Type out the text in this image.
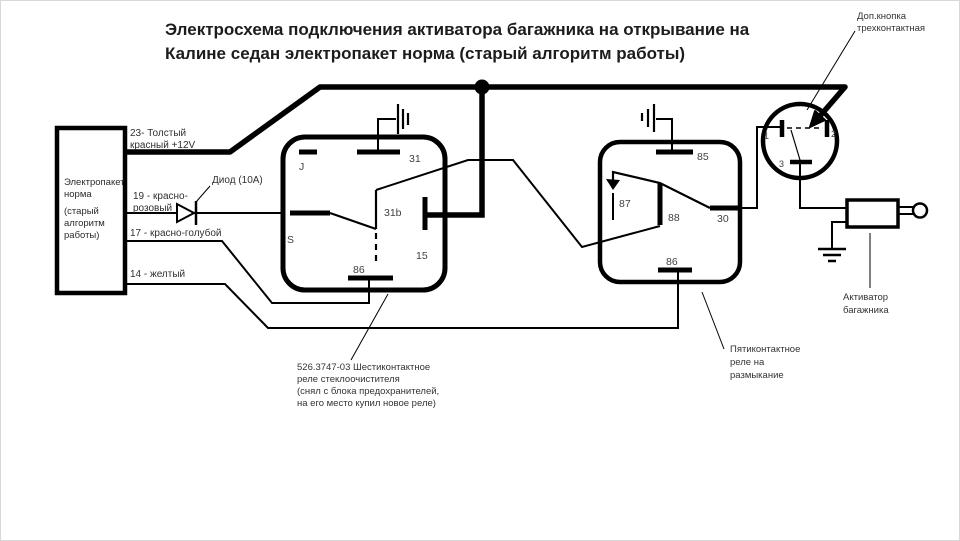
Электросхема подключения активатора багажника на открывание на
Калине седан электропакет норма (старый алгоритм работы)
Электропакет
норма
(старый
алгоритм
работы)
23- Толстый
красный +12V
Диод (10A)
19 - красно-
розовый
17 - красно-голубой
14 - желтый
J
31
31b
S
15
86
85
87
88	30
86
1	2
3
Доп.кнопка
трехконтактная
Активатор
багажника
526.3747-03 Шестиконтактное
реле стеклоочистителя
(снял с блока предохранителей,
на его место купил новое реле)
Пятиконтактное
реле на
размыкание
